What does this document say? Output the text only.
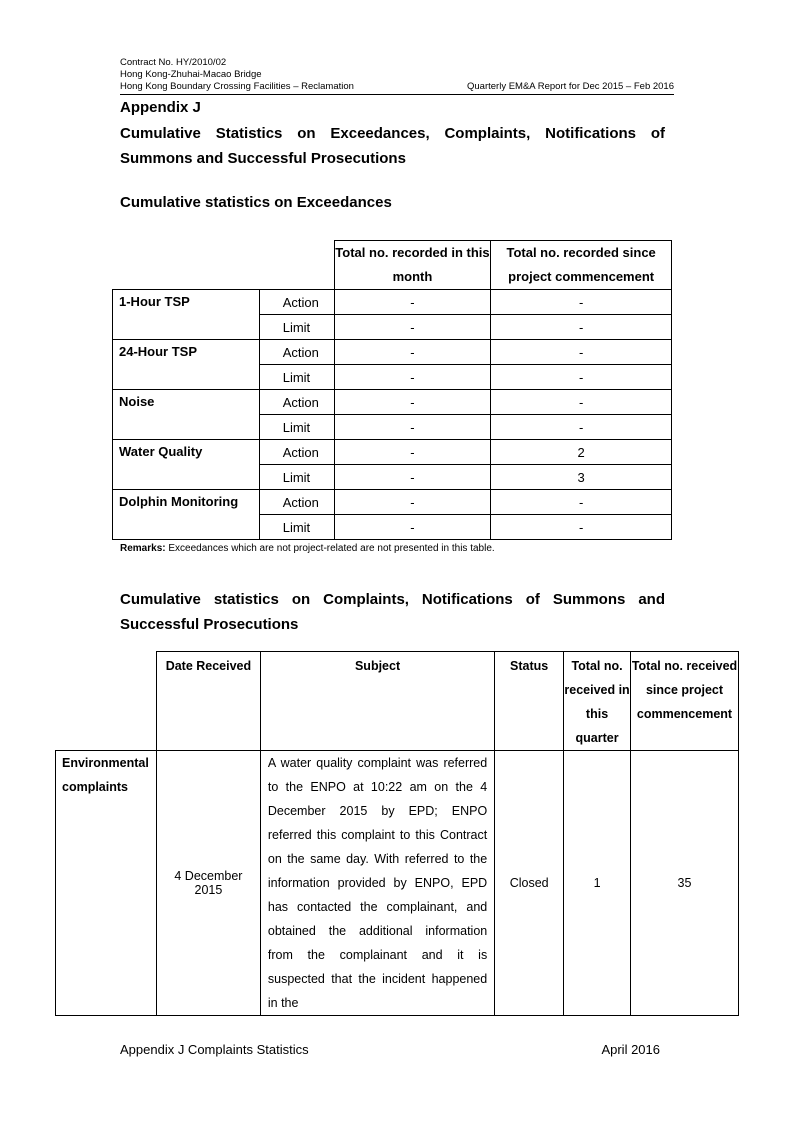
Contract No. HY/2010/02
Hong Kong-Zhuhai-Macao Bridge
Hong Kong Boundary Crossing Facilities – Reclamation	Quarterly EM&A Report for Dec 2015 – Feb 2016
Appendix J
Cumulative Statistics on Exceedances, Complaints, Notifications of Summons and Successful Prosecutions
Cumulative statistics on Exceedances
		Total no. recorded in this month	Total no. recorded since project commencement
1-Hour TSP	Action	-	-
	Limit	-	-
24-Hour TSP	Action	-	-
	Limit	-	-
Noise	Action	-	-
	Limit	-	-
Water Quality	Action	-	2
	Limit	-	3
Dolphin Monitoring	Action	-	-
	Limit	-	-
Remarks: Exceedances which are not project-related are not presented in this table.
Cumulative statistics on Complaints, Notifications of Summons and Successful Prosecutions
	Date Received	Subject	Status	Total no. received in this quarter	Total no. received since project commencement
Environmental complaints	4 December 2015	A water quality complaint was referred to the ENPO at 10:22 am on the 4 December 2015 by EPD; ENPO referred this complaint to this Contract on the same day. With referred to the information provided by ENPO, EPD has contacted the complainant, and obtained the additional information from the complainant and it is suspected that the incident happened in the	Closed	1	35
Appendix J Complaints Statistics	April 2016
